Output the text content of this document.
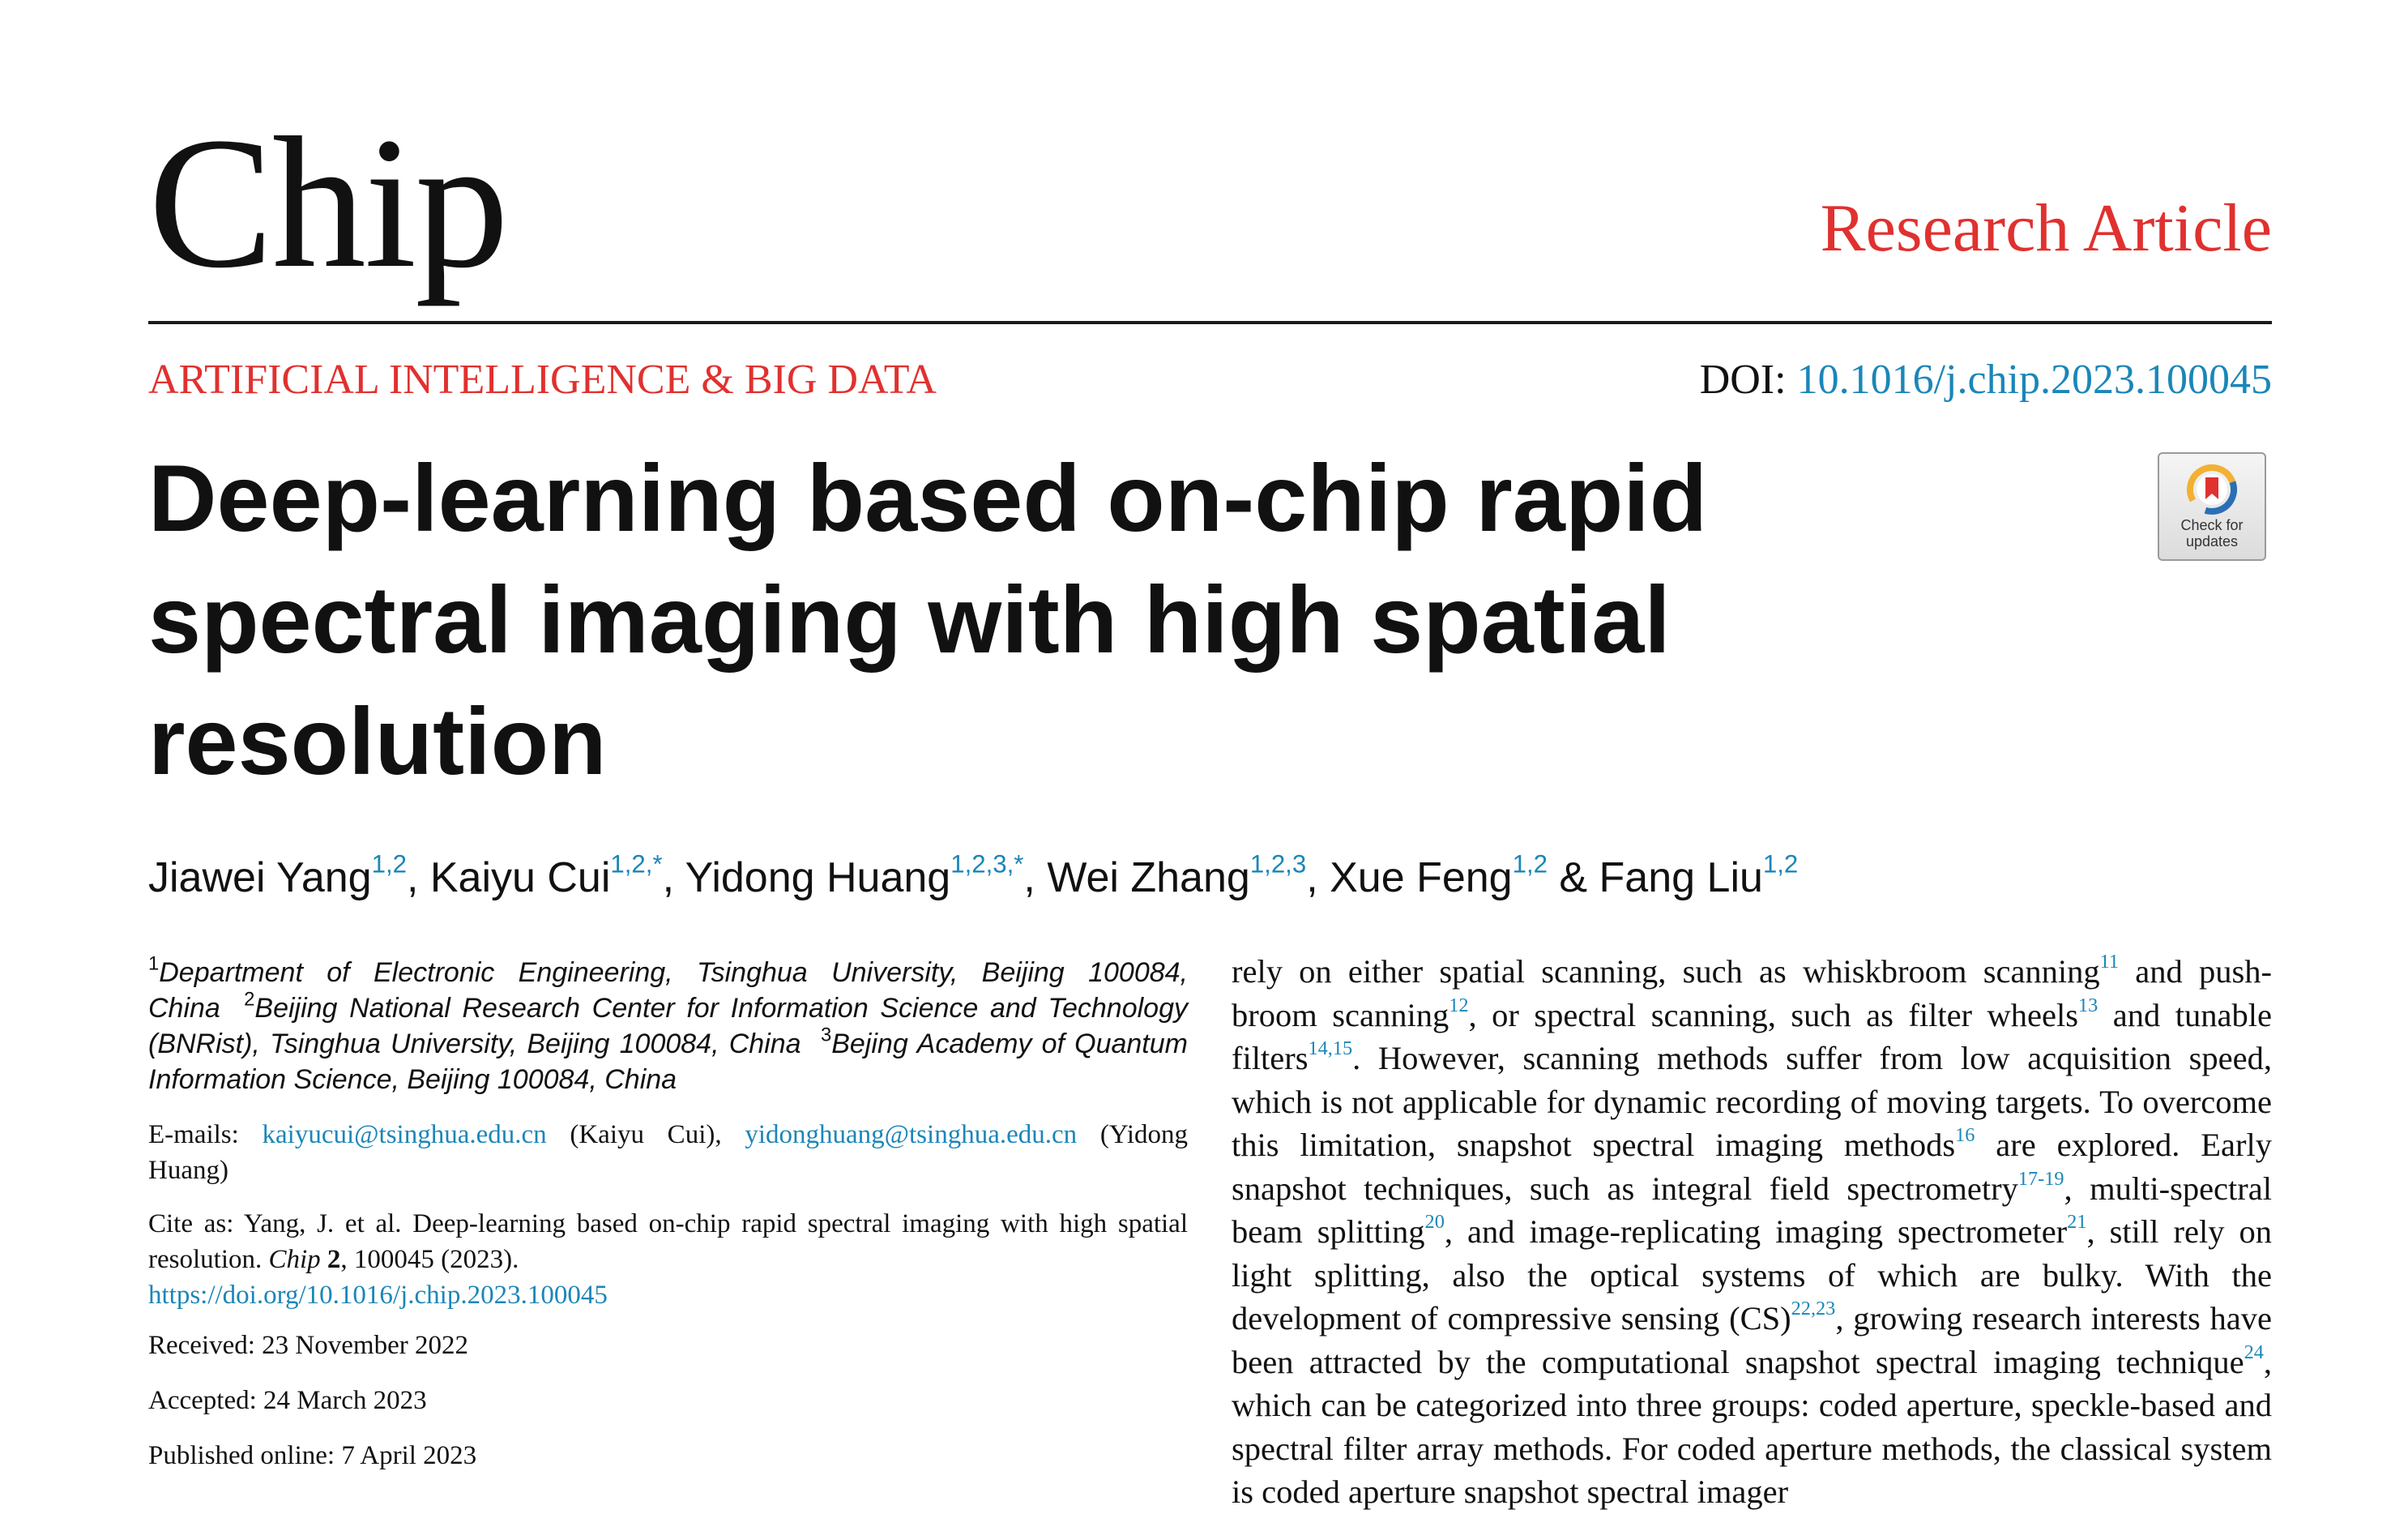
Chip	Research Article
ARTIFICIAL INTELLIGENCE & BIG DATA	DOI: 10.1016/j.chip.2023.100045
Deep-learning based on-chip rapid spectral imaging with high spatial resolution
Check for
updates
Jiawei Yang$^{1,2}$, Kaiyu Cui$^{1,2,*}$, Yidong Huang$^{1,2,3,*}$, Wei Zhang$^{1,2,3}$, Xue Feng$^{1,2}$ & Fang Liu$^{1,2}$

$^1$Department of Electronic Engineering, Tsinghua University, Beijing 100084, China $^2$Beijing National Research Center for Information Science and Technology (BNRist), Tsinghua University, Beijing 100084, China $^3$Bejing Academy of Quantum Information Science, Beijing 100084, China

E-mails: kaiyucui@tsinghua.edu.cn (Kaiyu Cui), yidonghuang@tsinghua.edu.cn (Yidong Huang)

Cite as: Yang, J. et al. Deep-learning based on-chip rapid spectral imaging with high spatial resolution. Chip 2, 100045 (2023).
https://doi.org/10.1016/j.chip.2023.100045

Received: 23 November 2022

Accepted: 24 March 2023

Published online: 7 April 2023

rely on either spatial scanning, such as whiskbroom scanning$^{11}$ and push-broom scanning$^{12}$, or spectral scanning, such as filter wheels$^{13}$ and tunable filters$^{14,15}$. However, scanning methods suffer from low acquisition speed, which is not applicable for dynamic recording of moving targets. To overcome this limitation, snapshot spectral imaging methods$^{16}$ are explored. Early snapshot techniques, such as integral field spectrometry$^{17-19}$, multi-spectral beam splitting$^{20}$, and image-replicating imaging spectrometer$^{21}$, still rely on light splitting, also the optical systems of which are bulky. With the development of compressive sensing (CS)$^{22,23}$, growing research interests have been attracted by the computational snapshot spectral imaging technique$^{24}$, which can be categorized into three groups: coded aperture, speckle-based and spectral filter array methods. For coded aperture methods, the classical system is coded aperture snapshot spectral imager
